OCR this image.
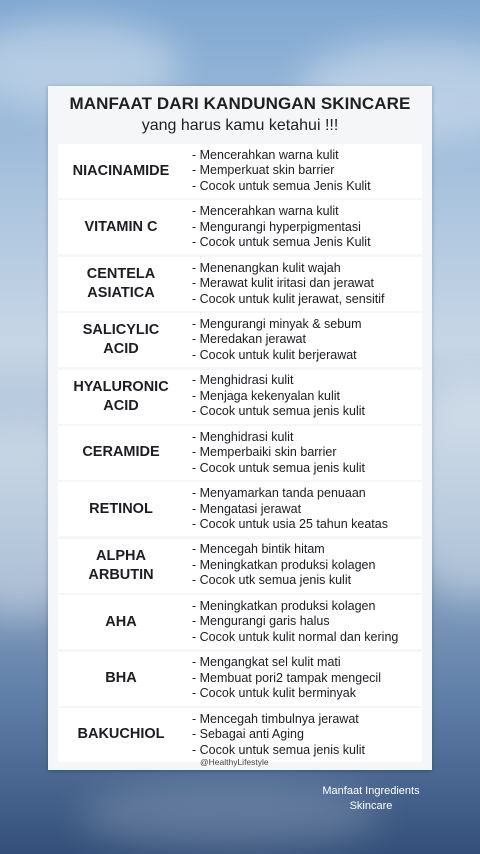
MANFAAT DARI KANDUNGAN SKINCARE
yang harus kamu ketahui !!!
NIACINAMIDE
- Mencerahkan warna kulit
- Memperkuat skin barrier
- Cocok untuk semua Jenis Kulit
VITAMIN C
- Mencerahkan warna kulit
- Mengurangi hyperpigmentasi
- Cocok untuk semua Jenis Kulit
CENTELA
ASIATICA
- Menenangkan kulit wajah
- Merawat kulit iritasi dan jerawat
- Cocok untuk kulit jerawat, sensitif
SALICYLIC
ACID
- Mengurangi minyak & sebum
- Meredakan jerawat
- Cocok untuk kulit berjerawat
HYALURONIC
ACID
- Menghidrasi kulit
- Menjaga kekenyalan kulit
- Cocok untuk semua jenis kulit
CERAMIDE
- Menghidrasi kulit
- Memperbaiki skin barrier
- Cocok untuk semua jenis kulit
RETINOL
- Menyamarkan tanda penuaan
- Mengatasi jerawat
- Cocok untuk usia 25 tahun keatas
ALPHA
ARBUTIN
- Mencegah bintik hitam
- Meningkatkan produksi kolagen
- Cocok utk semua jenis kulit
AHA
- Meningkatkan produksi kolagen
- Mengurangi garis halus
- Cocok untuk kulit normal dan kering
BHA
- Mengangkat sel kulit mati
- Membuat pori2 tampak mengecil
- Cocok untuk kulit berminyak
BAKUCHIOL
- Mencegah timbulnya jerawat
- Sebagai anti Aging
- Cocok untuk semua jenis kulit
@HealthyLifestyle
Manfaat Ingredients Skincare
